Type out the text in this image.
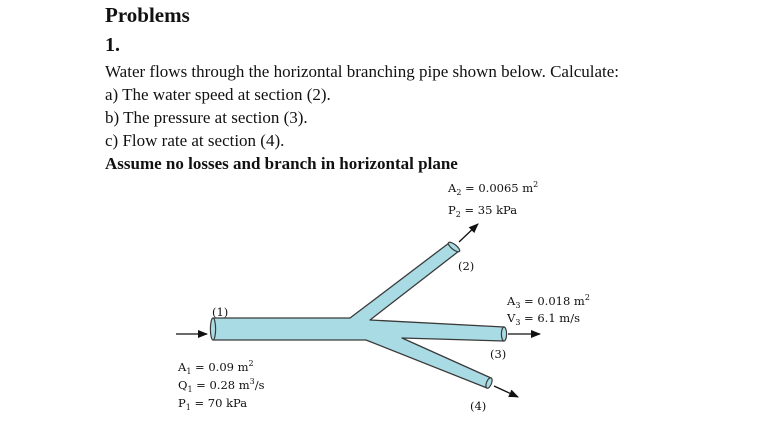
Problems
1.
Water flows through the horizontal branching pipe shown below. Calculate:
a) The water speed at section (2).
b) The pressure at section (3).
c) Flow rate at section (4).
Assume no losses and branch in horizontal plane
(1)
(2)
(3)
(4)
$A_2 = 0.0065$ $m^2$
$P_2 = 35$ kPa
$A_3 = 0.018$ $m^2$
$V_3 = 6.1$ m/s
$A_1 = 0.09$ $m^2$
$Q_1 = 0.28$ $m^3/s$
$P_1 = 70$ kPa
